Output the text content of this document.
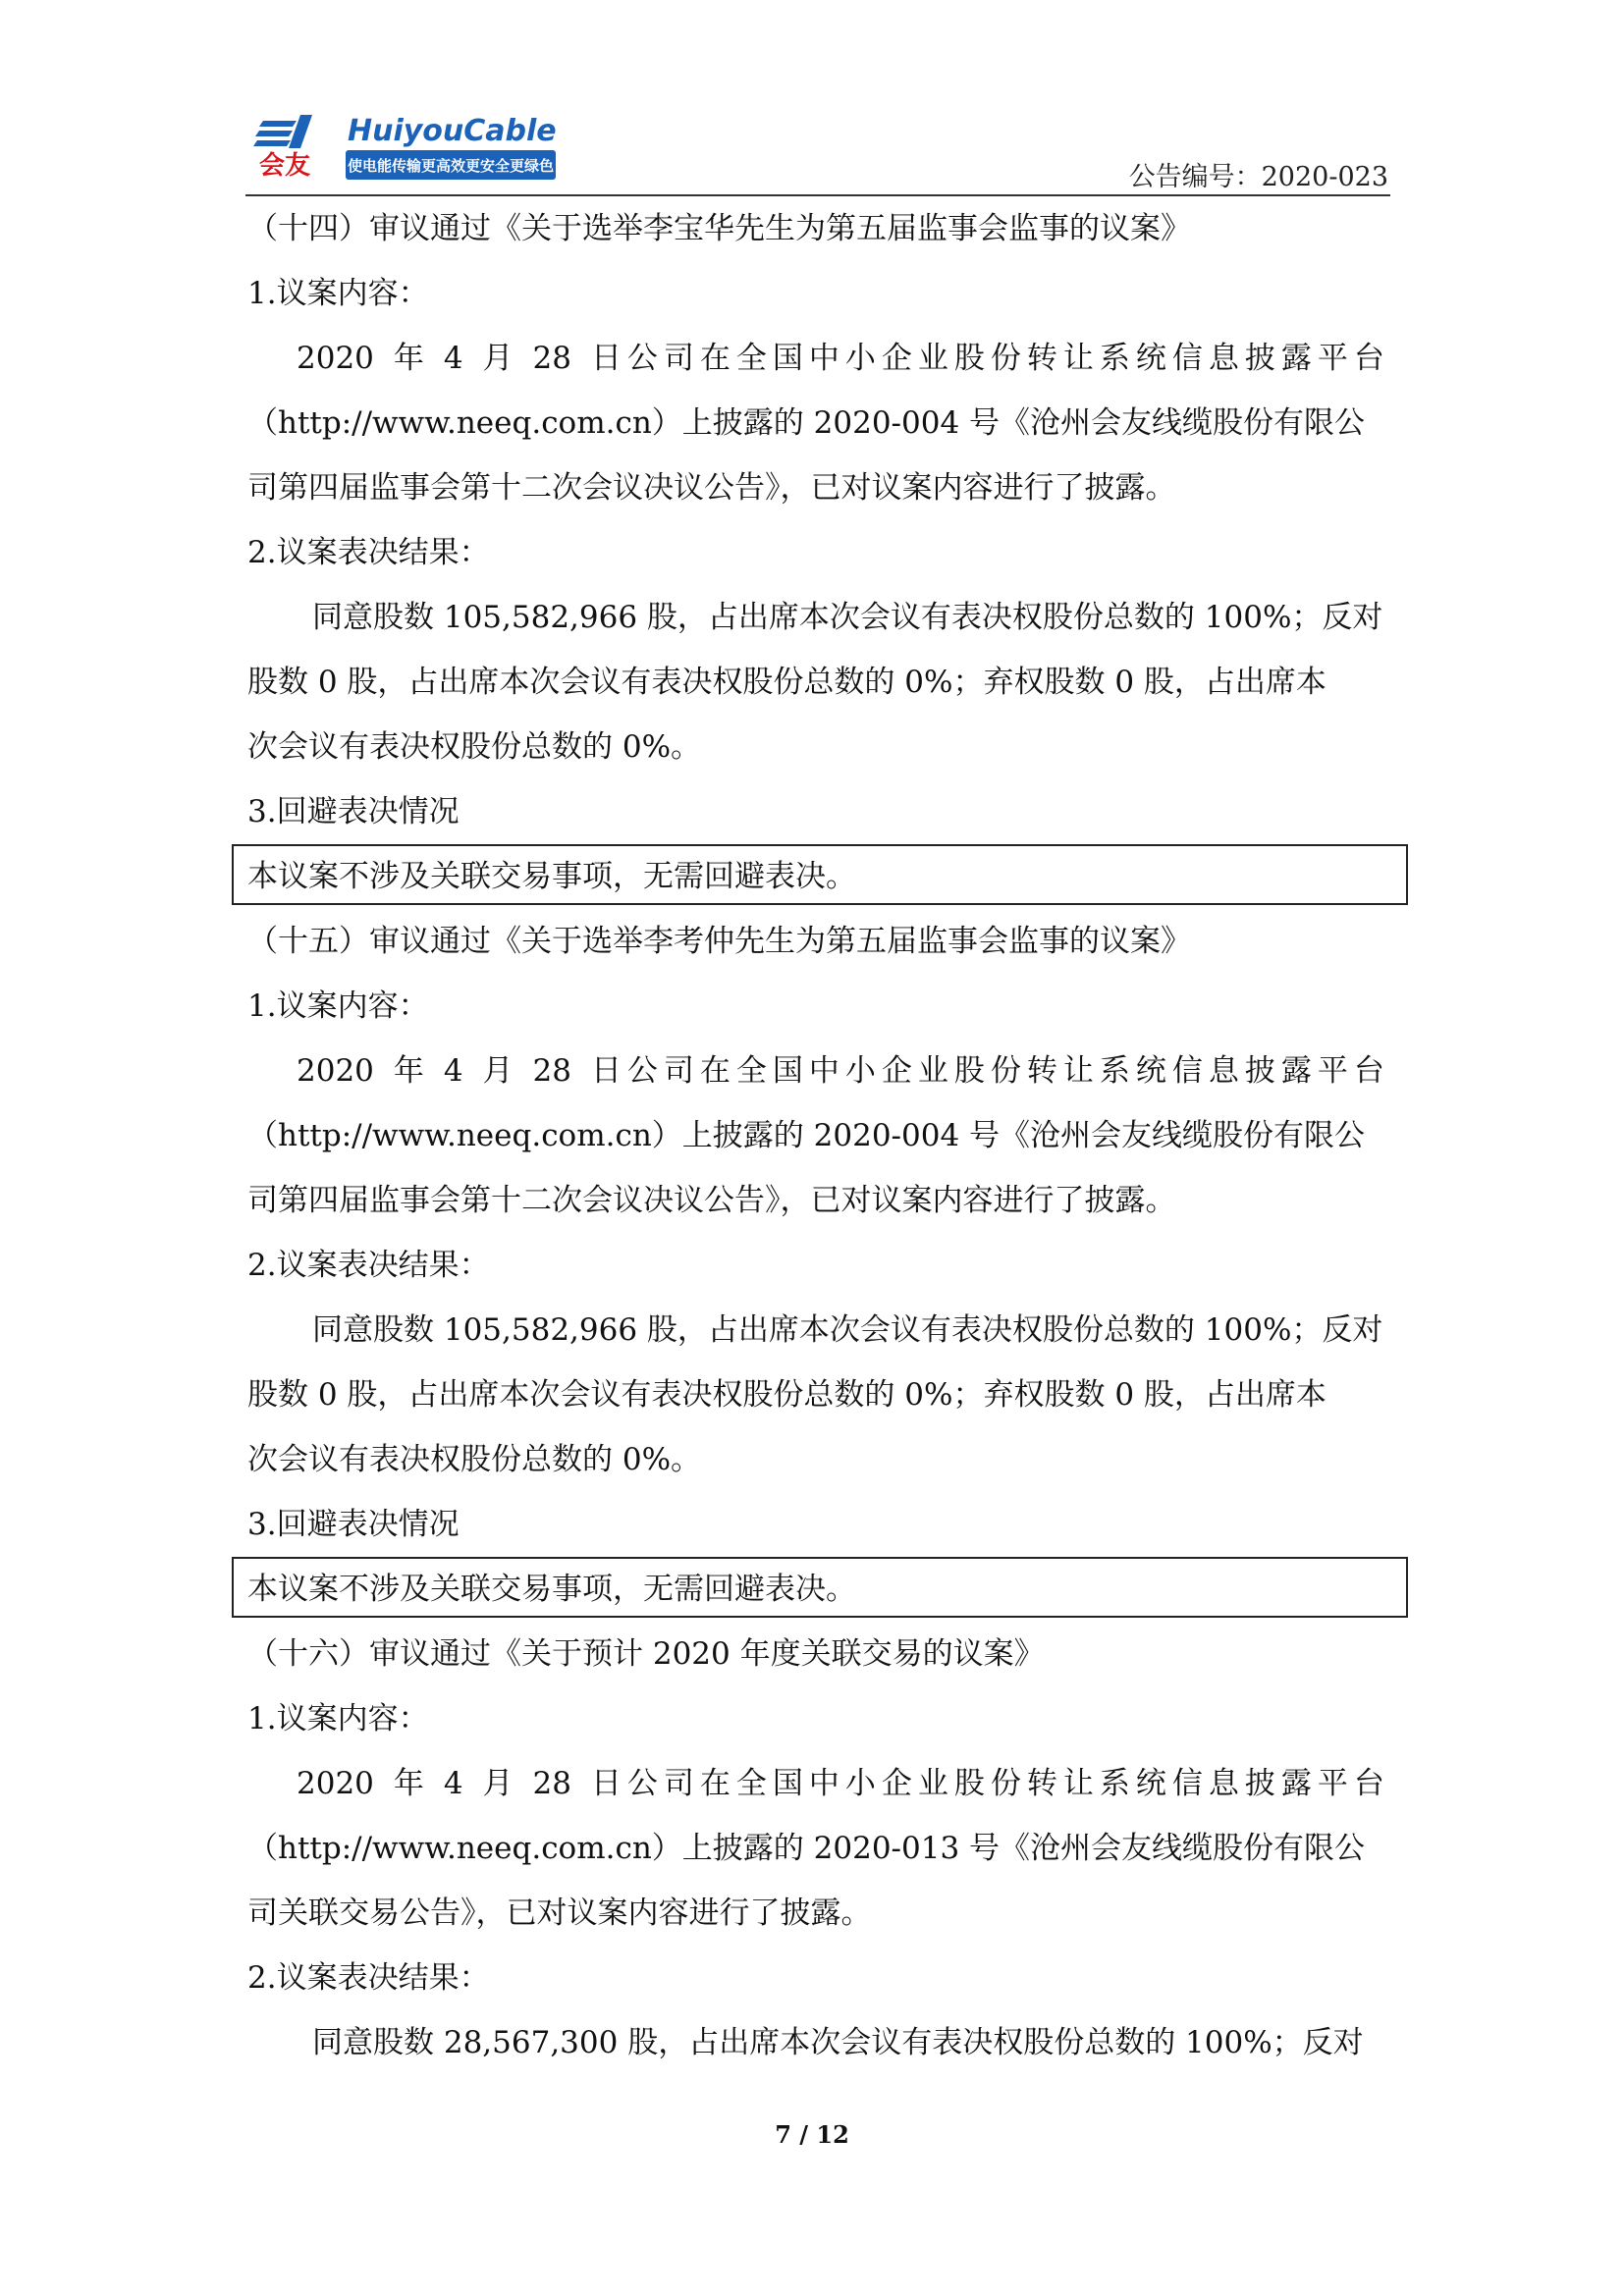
会友
HuiyouCable
使电能传输更高效更安全更绿色	公告编号：2020-023
（十四）审议通过《关于选举李宝华先生为第五届监事会监事的议案》
1.议案内容：
2020 年 4 月 28 日公司在全国中小企业股份转让系统信息披露平台
（http://www.neeq.com.cn）上披露的 2020-004 号《沧州会友线缆股份有限公
司第四届监事会第十二次会议决议公告》，已对议案内容进行了披露。
2.议案表决结果：
同意股数 105,582,966 股，占出席本次会议有表决权股份总数的 100%；反对
股数 0 股，占出席本次会议有表决权股份总数的 0%；弃权股数 0 股，占出席本
次会议有表决权股份总数的 0%。
3.回避表决情况
本议案不涉及关联交易事项，无需回避表决。
（十五）审议通过《关于选举李考仲先生为第五届监事会监事的议案》
1.议案内容：
2020 年 4 月 28 日公司在全国中小企业股份转让系统信息披露平台
（http://www.neeq.com.cn）上披露的 2020-004 号《沧州会友线缆股份有限公
司第四届监事会第十二次会议决议公告》，已对议案内容进行了披露。
2.议案表决结果：
同意股数 105,582,966 股，占出席本次会议有表决权股份总数的 100%；反对
股数 0 股，占出席本次会议有表决权股份总数的 0%；弃权股数 0 股，占出席本
次会议有表决权股份总数的 0%。
3.回避表决情况
本议案不涉及关联交易事项，无需回避表决。
（十六）审议通过《关于预计 2020 年度关联交易的议案》
1.议案内容：
2020 年 4 月 28 日公司在全国中小企业股份转让系统信息披露平台
（http://www.neeq.com.cn）上披露的 2020-013 号《沧州会友线缆股份有限公
司关联交易公告》，已对议案内容进行了披露。
2.议案表决结果：
同意股数 28,567,300 股，占出席本次会议有表决权股份总数的 100%；反对
7 / 12
